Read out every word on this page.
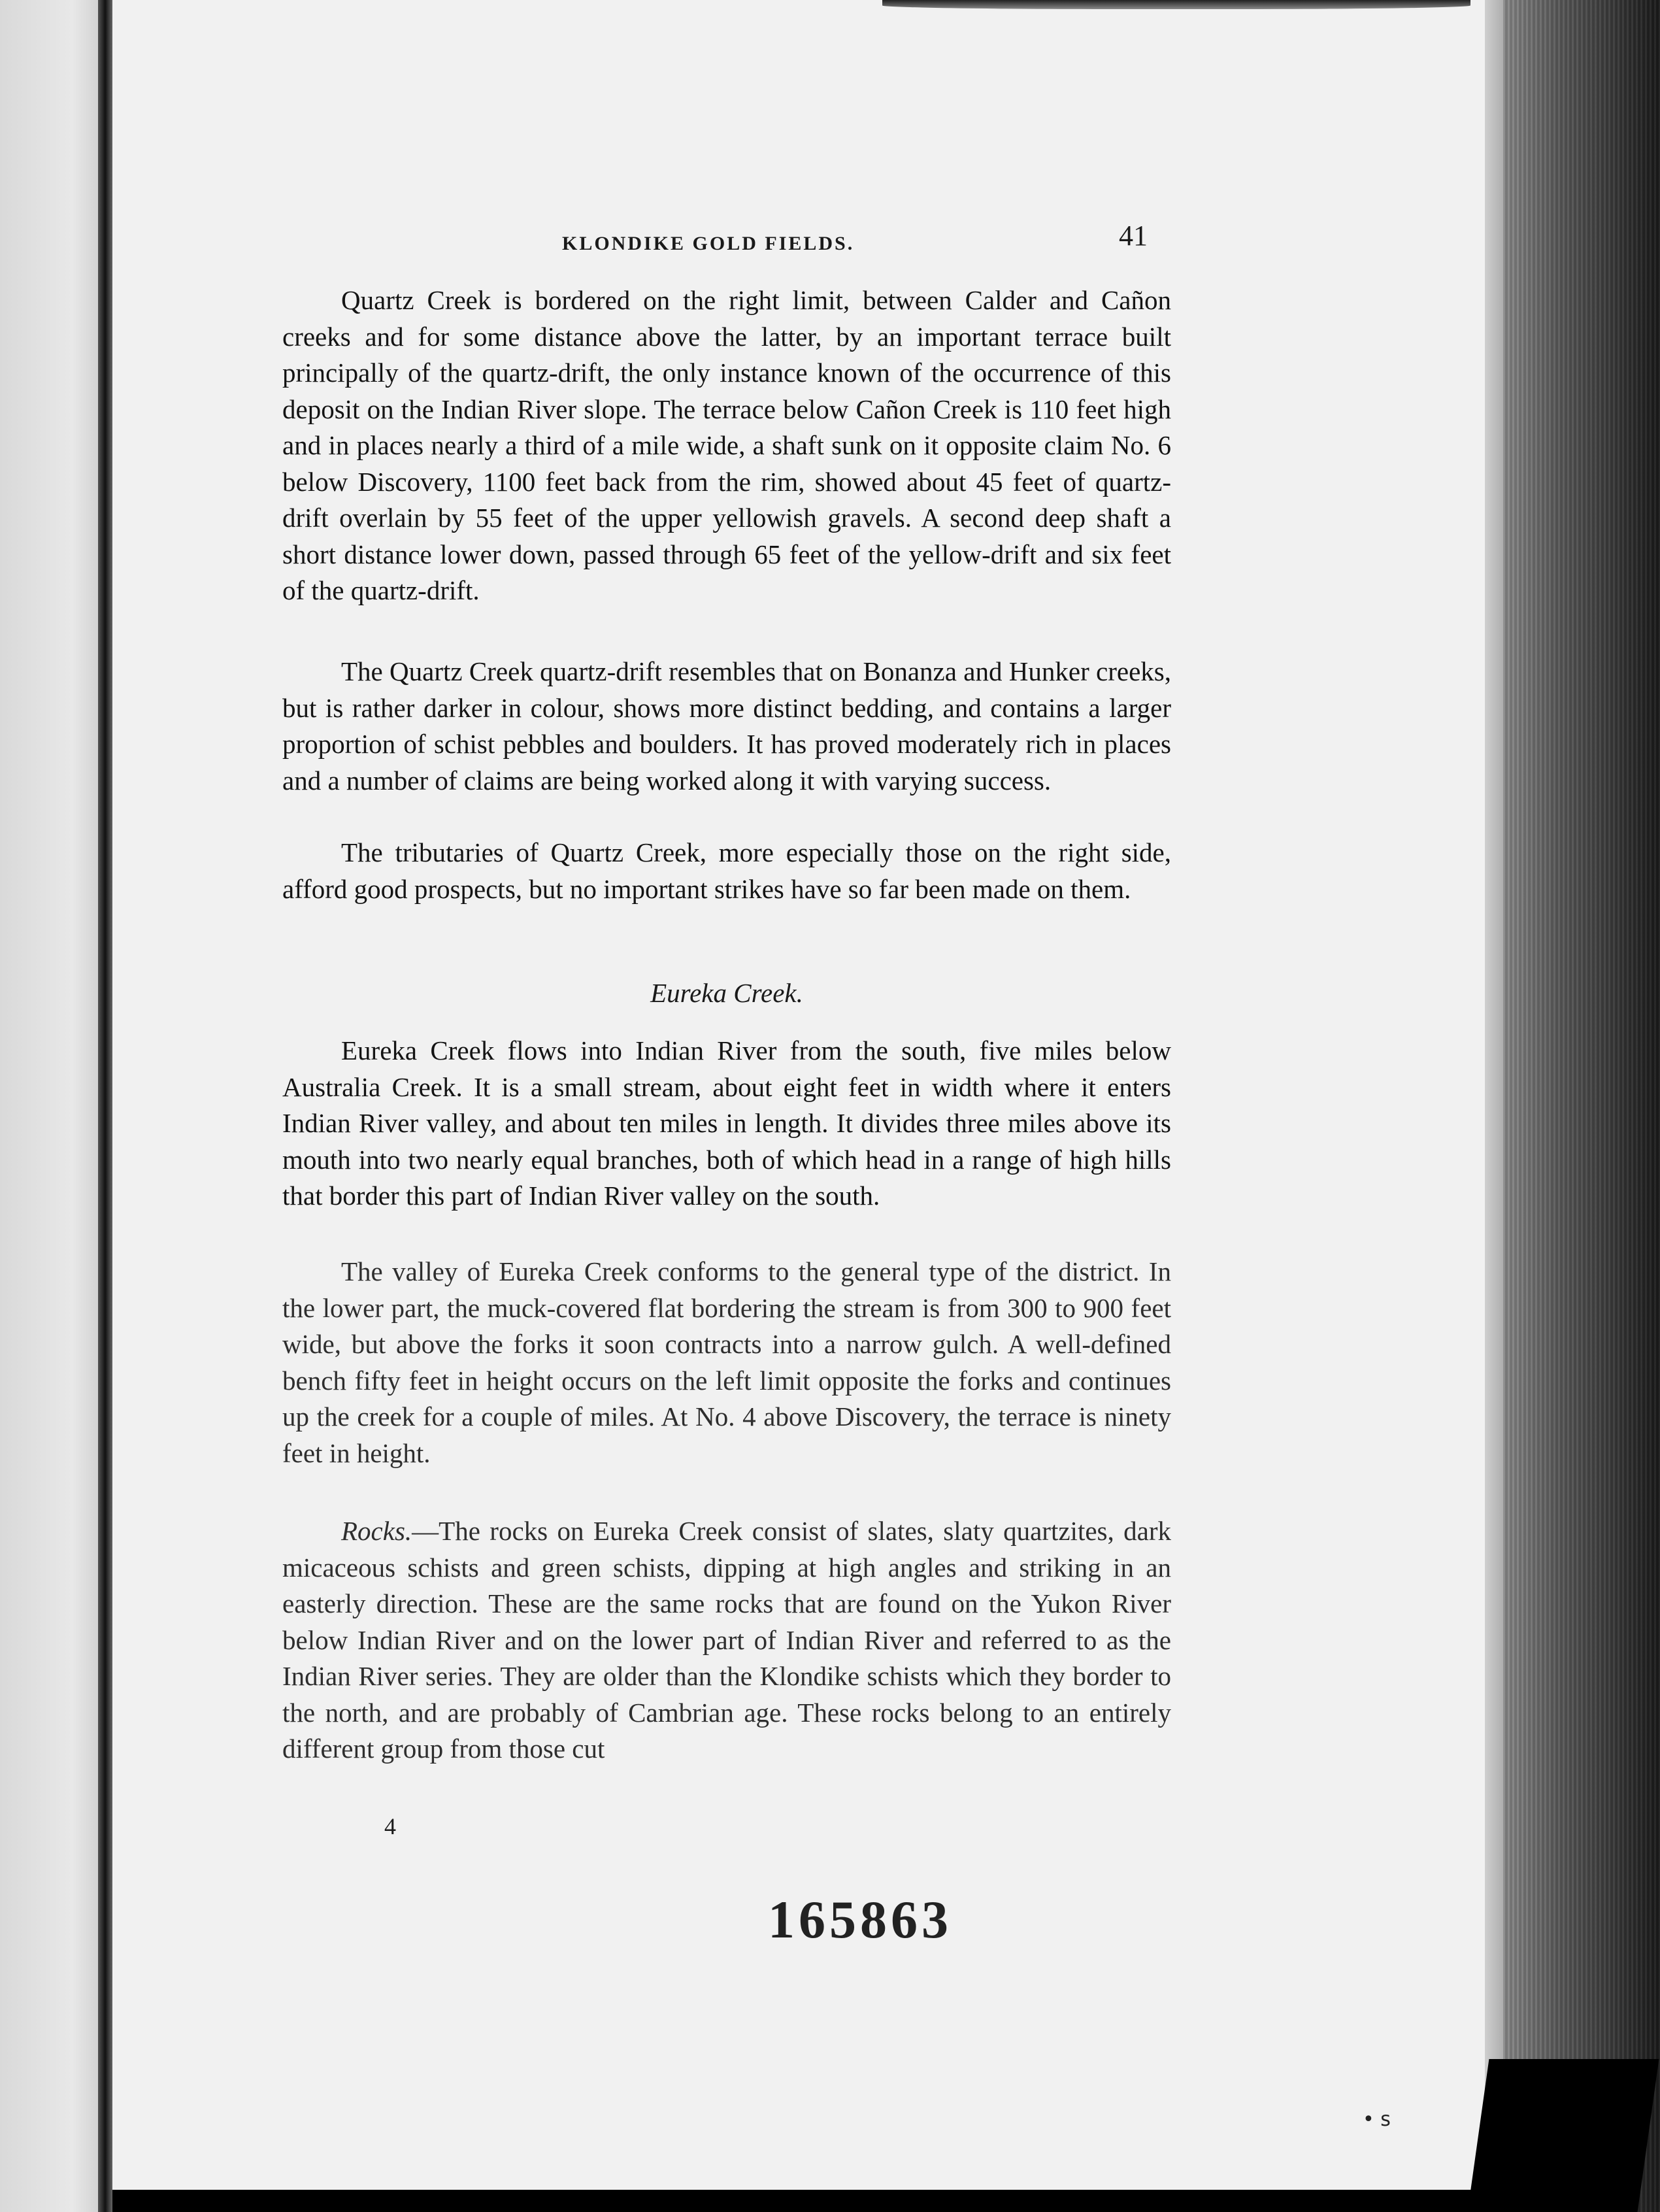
KLONDIKE GOLD FIELDS.	41

Quartz Creek is bordered on the right limit, between Calder and Cañon creeks and for some distance above the latter, by an important terrace built principally of the quartz-drift, the only instance known of the occurrence of this deposit on the Indian River slope. The terrace below Cañon Creek is 110 feet high and in places nearly a third of a mile wide, a shaft sunk on it opposite claim No. 6 below Discovery, 1100 feet back from the rim, showed about 45 feet of quartz-drift overlain by 55 feet of the upper yellowish gravels. A second deep shaft a short distance lower down, passed through 65 feet of the yellow-drift and six feet of the quartz-drift.

The Quartz Creek quartz-drift resembles that on Bonanza and Hunker creeks, but is rather darker in colour, shows more distinct bedding, and contains a larger proportion of schist pebbles and boulders. It has proved moderately rich in places and a number of claims are being worked along it with varying success.

The tributaries of Quartz Creek, more especially those on the right side, afford good prospects, but no important strikes have so far been made on them.

Eureka Creek.

Eureka Creek flows into Indian River from the south, five miles below Australia Creek. It is a small stream, about eight feet in width where it enters Indian River valley, and about ten miles in length. It divides three miles above its mouth into two nearly equal branches, both of which head in a range of high hills that border this part of Indian River valley on the south.

The valley of Eureka Creek conforms to the general type of the district. In the lower part, the muck-covered flat bordering the stream is from 300 to 900 feet wide, but above the forks it soon contracts into a narrow gulch. A well-defined bench fifty feet in height occurs on the left limit opposite the forks and continues up the creek for a couple of miles. At No. 4 above Discovery, the terrace is ninety feet in height.

Rocks.—The rocks on Eureka Creek consist of slates, slaty quartzites, dark micaceous schists and green schists, dipping at high angles and striking in an easterly direction. These are the same rocks that are found on the Yukon River below Indian River and on the lower part of Indian River and referred to as the Indian River series. They are older than the Klondike schists which they border to the north, and are probably of Cambrian age. These rocks belong to an entirely different group from those cut

4
165863
• s
